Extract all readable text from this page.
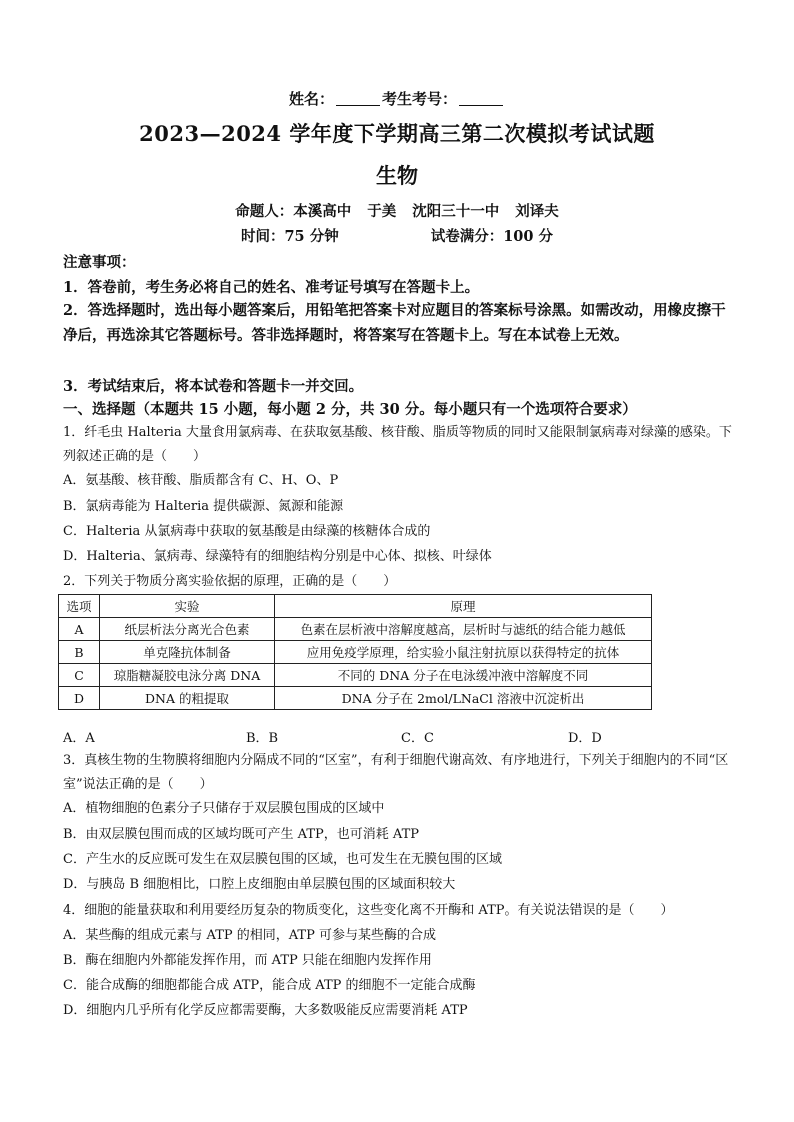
姓名：	考生考号：
2023—2024 学年度下学期高三第二次模拟考试试题
生物
命题人：本溪高中 于美 沈阳三十一中 刘译夫
时间：75 分钟	试卷满分：100 分
注意事项：
1．答卷前，考生务必将自己的姓名、准考证号填写在答题卡上。
2．答选择题时，选出每小题答案后，用铅笔把答案卡对应题目的答案标号涂黑。如需改动，用橡皮擦干净后，再选涂其它答题标号。答非选择题时，将答案写在答题卡上。写在本试卷上无效。
3．考试结束后，将本试卷和答题卡一并交回。
一、选择题（本题共 15 小题，每小题 2 分，共 30 分。每小题只有一个选项符合要求）
1．纤毛虫 Halteria 大量食用氯病毒、在获取氨基酸、核苷酸、脂质等物质的同时又能限制氯病毒对绿藻的感染。下列叙述正确的是（　　）
A．氨基酸、核苷酸、脂质都含有 C、H、O、P
B．氯病毒能为 Halteria 提供碳源、氮源和能源
C．Halteria 从氯病毒中获取的氨基酸是由绿藻的核糖体合成的
D．Halteria、氯病毒、绿藻特有的细胞结构分别是中心体、拟核、叶绿体
2．下列关于物质分离实验依据的原理，正确的是（　　）
选项	实验	原理
A	纸层析法分离光合色素	色素在层析液中溶解度越高，层析时与滤纸的结合能力越低
B	单克隆抗体制备	应用免疫学原理，给实验小鼠注射抗原以获得特定的抗体
C	琼脂糖凝胶电泳分离 DNA	不同的 DNA 分子在电泳缓冲液中溶解度不同
D	DNA 的粗提取	DNA 分子在 2mol/LNaCl 溶液中沉淀析出
A．A	B．B	C．C	D．D
3．真核生物的生物膜将细胞内分隔成不同的“区室”，有利于细胞代谢高效、有序地进行，下列关于细胞内的不同“区室”说法正确的是（　　）
A．植物细胞的色素分子只储存于双层膜包围成的区域中
B．由双层膜包围而成的区域均既可产生 ATP，也可消耗 ATP
C．产生水的反应既可发生在双层膜包围的区域，也可发生在无膜包围的区域
D．与胰岛 B 细胞相比，口腔上皮细胞由单层膜包围的区域面积较大
4．细胞的能量获取和利用要经历复杂的物质变化，这些变化离不开酶和 ATP。有关说法错误的是（　　）
A．某些酶的组成元素与 ATP 的相同，ATP 可参与某些酶的合成
B．酶在细胞内外都能发挥作用，而 ATP 只能在细胞内发挥作用
C．能合成酶的细胞都能合成 ATP，能合成 ATP 的细胞不一定能合成酶
D．细胞内几乎所有化学反应都需要酶，大多数吸能反应需要消耗 ATP
